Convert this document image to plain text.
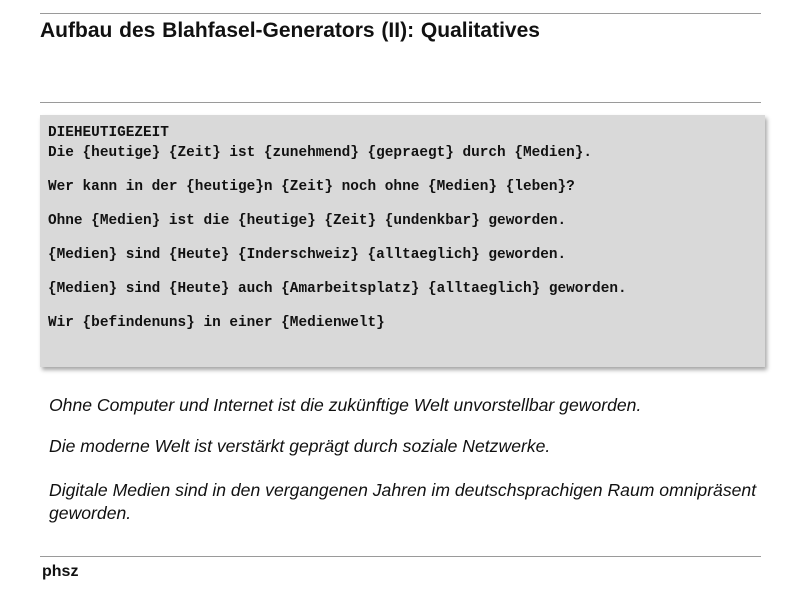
Aufbau des Blahfasel-Generators (II): Qualitatives
DIEHEUTIGEZEIT
Die {heutige} {Zeit} ist {zunehmend} {gepraegt} durch {Medien}.
Wer kann in der {heutige}n {Zeit} noch ohne {Medien} {leben}?
Ohne {Medien} ist die {heutige} {Zeit} {undenkbar} geworden.
{Medien} sind {Heute} {Inderschweiz} {alltaeglich} geworden.
{Medien} sind {Heute} auch {Amarbeitsplatz} {alltaeglich} geworden.
Wir {befindenuns} in einer {Medienwelt}
Ohne Computer und Internet ist die zukünftige Welt unvorstellbar geworden.
Die moderne Welt ist verstärkt geprägt durch soziale Netzwerke.
Digitale Medien sind in den vergangenen Jahren im deutschsprachigen Raum omnipräsent geworden.
phsz
